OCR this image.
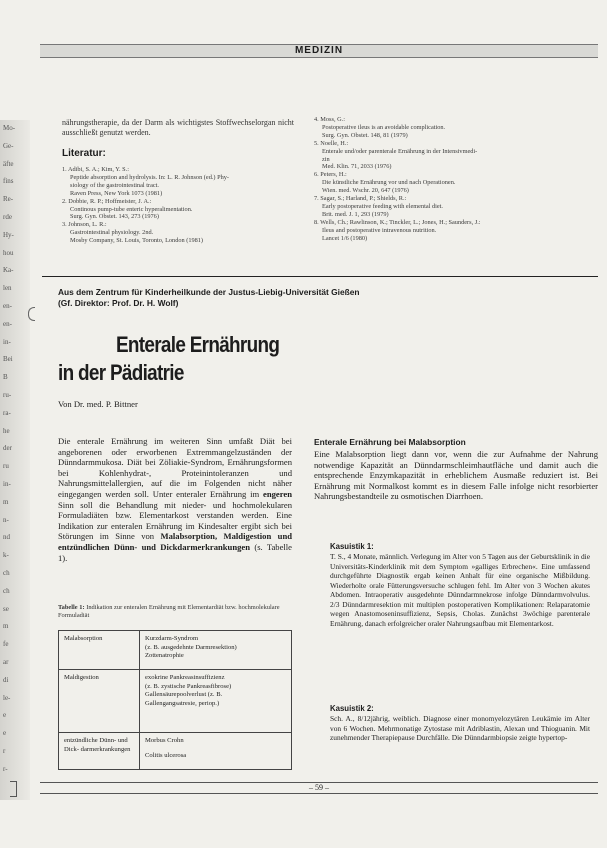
MEDIZIN
Mo-
Ge-
äfte
fins
Re-
rde
Hy-
hou
Ka-
len
en-
en-
in-
Bei
B
ru-
ra-
he
der
ru
in-
m
n-
nd
k-
ch
ch
se
m
fe
ar
di
le-
e
e
r
r-
nährungstherapie, da der Darm als wichtigstes Stoffwechselorgan nicht ausschließt genutzt werden.
Literatur:
1. Adibi, S. A.; Kim, Y. S.:
Peptide absorption and hydrolysis. In: L. R. Johnson (ed.) Phy-
siology of the gastrointestinal tract.
Raven Press, New York 1073 (1981)
2. Dobbie, R. P.; Hoffmeister, J. A.:
Continous pump-tube enteric hyperalimentation.
Surg. Gyn. Obstet. 143, 273 (1976)
3. Johnson, L. R.:
Gastrointestinal physiology. 2nd.
Mosby Company, St. Louis, Toronto, London (1981)
4. Moss, G.:
Postoperative ileus is an avoidable complication.
Surg. Gyn. Obstet. 148, 81 (1979)
5. Noelle, H.:
Enterale und/oder parenterale Ernährung in der Intensivmedi-
zin
Med. Klin. 71, 2033 (1976)
6. Peters, H.:
Die künstliche Ernährung vor und nach Operationen.
Wien. med. Wschr. 20, 647 (1976)
7. Sagar, S.; Harland, P.; Shields, R.:
Early postoperative feeding with elemental diet.
Brit. med. J. 1, 293 (1979)
8. Wells, Ch.; Rawlinson, K.; Tinckler, L.; Jones, H.; Saunders, J.:
Ileus and postoperative intravenous nutrition.
Lancet 1/6 (1980)
Aus dem Zentrum für Kinderheilkunde der Justus-Liebig-Universität Gießen
(Gf. Direktor: Prof. Dr. H. Wolf)
Enterale Ernährung
in der Pädiatrie
Von Dr. med. P. Bittner
Die enterale Ernährung im weiteren Sinn umfaßt Diät bei angeborenen oder erworbenen Extremmangelzuständen der Dünndarmmukosa. Diät bei Zöliakie-Syndrom, Ernährungsformen bei Kohlenhydrat-, Proteinintoleranzen und Nahrungsmittelallergien, auf die im Folgenden nicht näher eingegangen werden soll. Unter enteraler Ernährung im engeren Sinn soll die Behandlung mit nieder- und hochmolekularen Formuladiäten bzw. Elementarkost verstanden werden. Eine Indikation zur enteralen Ernährung im Kindesalter ergibt sich bei Störungen im Sinne von Malabsorption, Maldigestion und entzündlichen Dünn- und Dickdarmerkrankungen (s. Tabelle 1).
Tabelle 1: Indikation zur enteralen Ernährung mit Elementardiät bzw. hochmolekulare Formuladiät
Malabsorption	Kurzdarm-Syndrom
(z. B. ausgedehnte Darmresektion)
Zottenatrophie

Maldigestion	exokrine Pankreasinsuffizienz
(z. B. zystische Pankreasfibrose)
Gallensäurepoolverlust (z. B.
Gallengangsatresie, periop.)

entzündliche Dünn- und Dick- darmerkrankungen	Morbus Crohn
Colitis ulcerosa
Enterale Ernährung bei Malabsorption
Eine Malabsorption liegt dann vor, wenn die zur Aufnahme der Nahrung notwendige Kapazität an Dünndarmschleimhautfläche und damit auch die entsprechende Enzymkapazität in erheblichem Ausmaße reduziert ist. Bei Ernährung mit Normalkost kommt es in diesem Falle infolge nicht resorbierter Nahrungsbestandteile zu osmotischen Diarrhoen.
Kasuistik 1:
T. S., 4 Monate, männlich. Verlegung im Alter von 5 Tagen aus der Geburtsklinik in die Universitäts-Kinderklinik mit dem Symptom »galliges Erbrechen«. Eine umfassend durchgeführte Diagnostik ergab keinen Anhalt für eine organische Mißbildung. Wiederholte orale Fütterungsversuche schlugen fehl. Im Alter von 3 Wochen akutes Abdomen. Intraoperativ ausgedehnte Dünndarmnekrose infolge Dünndarmvolvulus. 2/3 Dünndarmresektion mit multiplen postoperativen Komplikationen: Relaparatomie wegen Anastomoseninsuffizienz, Sepsis, Cholas. Zunächst 3wöchige parenterale Ernährung, danach erfolgreicher oraler Nahrungsaufbau mit Elementarkost.
Kasuistik 2:
Sch. A., 8/12jährig, weiblich. Diagnose einer monomyelozytären Leukämie im Alter von 6 Wochen. Mehrmonatige Zytostase mit Adriblastin, Alexan und Thioguanin. Mit zunehmender Therapiepause Durchfälle. Die Dünndarmbiopsie zeigte hypertop-
– 59 –
